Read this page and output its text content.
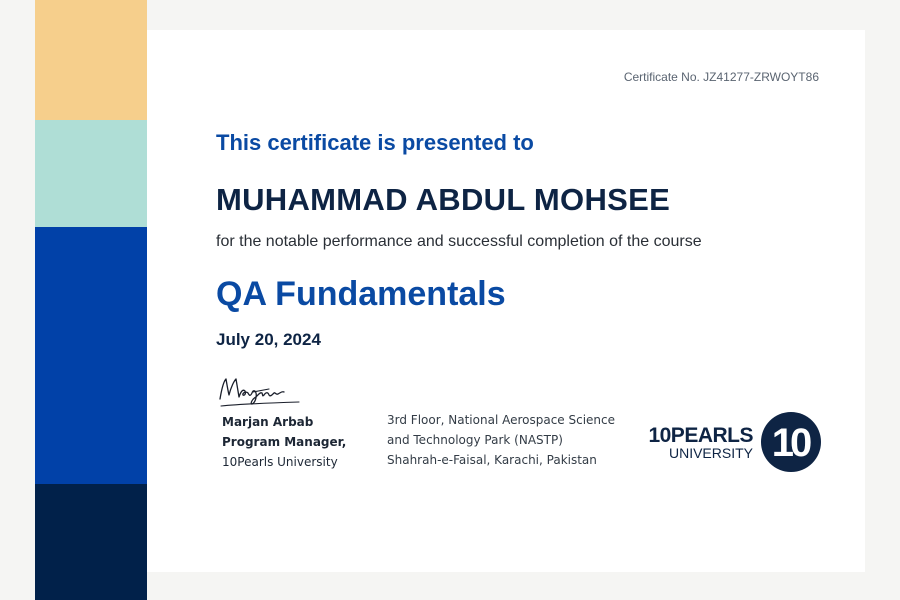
Certificate No. JZ41277-ZRWOYT86
This certificate is presented to
MUHAMMAD ABDUL MOHSEE
for the notable performance and successful completion of the course
QA Fundamentals
July 20, 2024
Marjan Arbab
Program Manager,
10Pearls University
3rd Floor, National Aerospace Science
and Technology Park (NASTP)
Shahrah-e-Faisal, Karachi, Pakistan
10PEARLS
UNIVERSITY 10
